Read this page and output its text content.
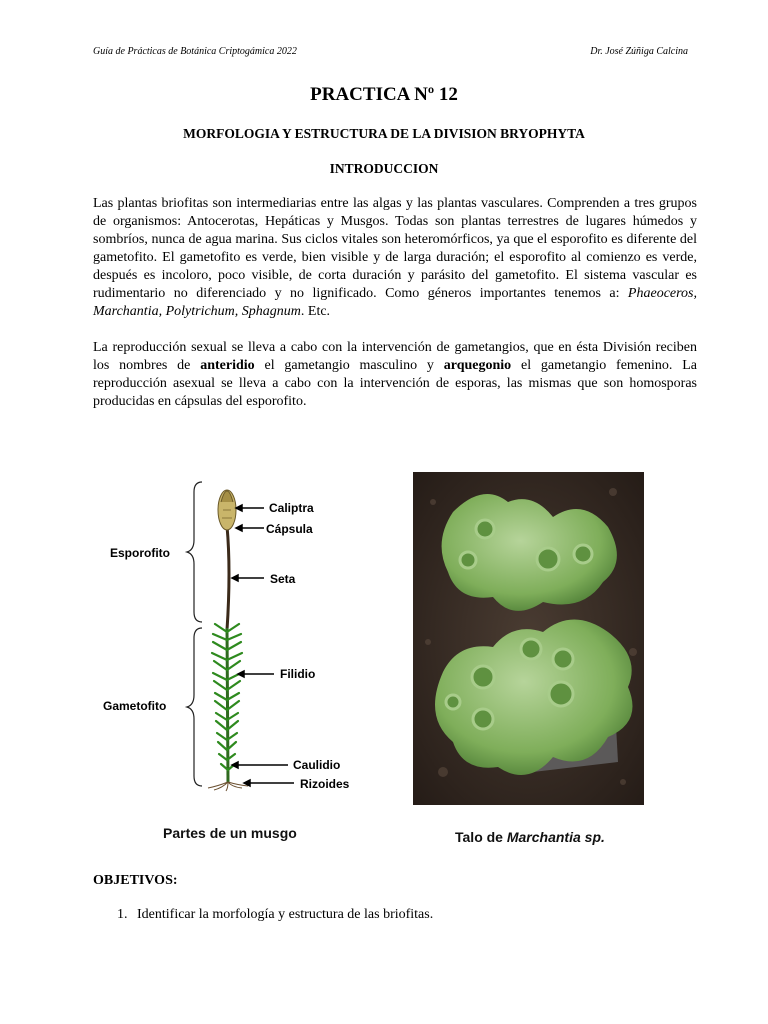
Guía de Prácticas de Botánica Criptogámica 2022	Dr. José Zúñiga Calcina
PRACTICA Nº 12
MORFOLOGIA Y ESTRUCTURA DE LA DIVISION BRYOPHYTA
INTRODUCCION

Las plantas briofitas son intermediarias entre las algas y las plantas vasculares. Comprenden a tres grupos de organismos: Antocerotas, Hepáticas y Musgos. Todas son plantas terrestres de lugares húmedos y sombríos, nunca de agua marina. Sus ciclos vitales son heteromórficos, ya que el esporofito es diferente del gametofito. El gametofito es verde, bien visible y de larga duración; el esporofito al comienzo es verde, después es incoloro, poco visible, de corta duración y parásito del gametofito. El sistema vascular es rudimentario no diferenciado y no lignificado. Como géneros importantes tenemos a: Phaeoceros, Marchantia, Polytrichum, Sphagnum. Etc.

La reproducción sexual se lleva a cabo con la intervención de gametangios, que en ésta División reciben los nombres de anteridio el gametangio masculino y arquegonio el gametangio femenino. La reproducción asexual se lleva a cabo con la intervención de esporas, las mismas que son homosporas producidas en cápsulas del esporofito.

Caliptra
Cápsula
Seta
Filidio
Caulidio
Rizoides
Esporofito
Gametofito
Partes de un musgo	Talo de Marchantia sp.
OBJETIVOS:
1. Identificar la morfología y estructura de las briofitas.
